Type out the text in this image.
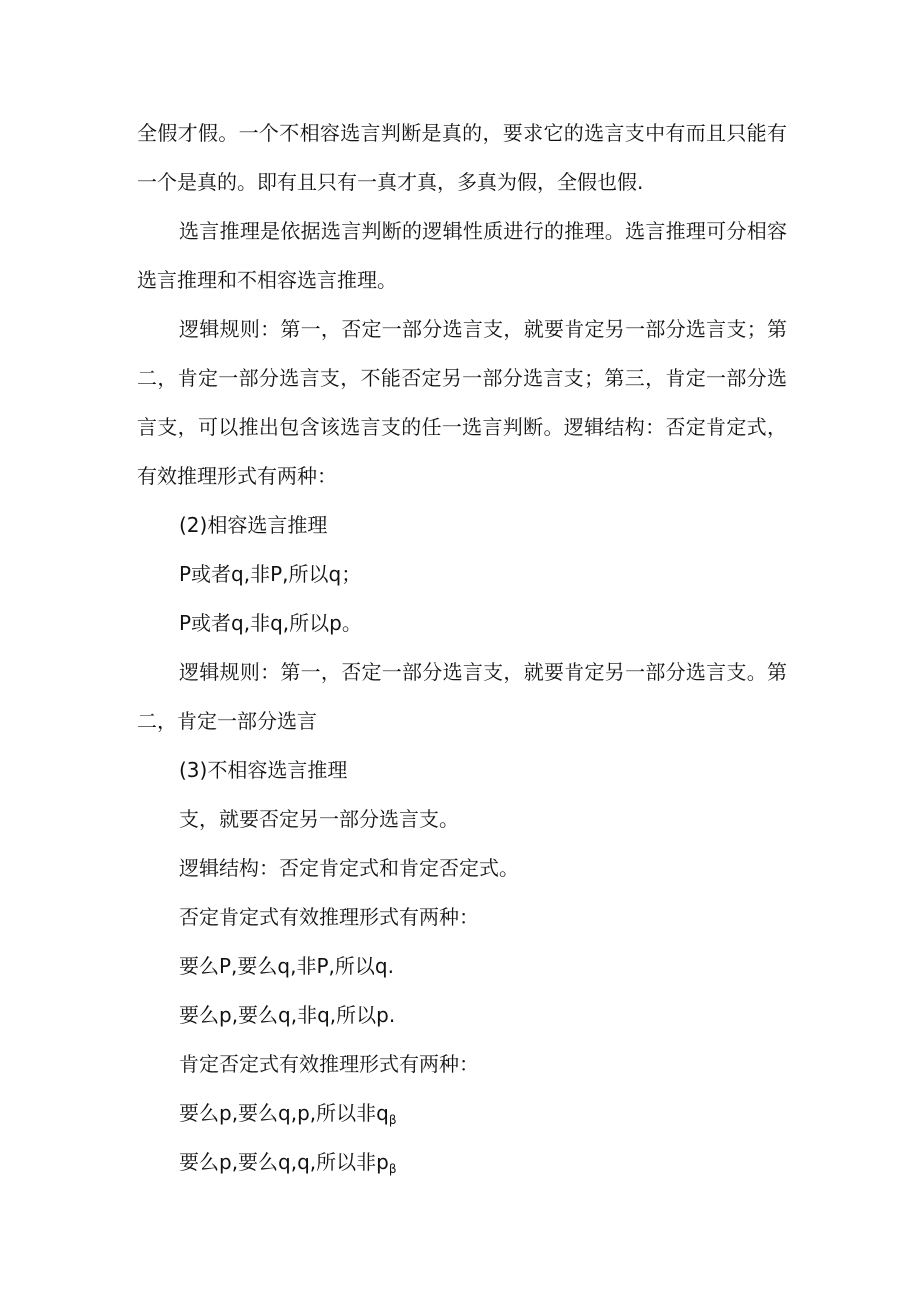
全假才假。一个不相容选言判断是真的，要求它的选言支中有而且只能有
一个是真的。即有且只有一真才真，多真为假，全假也假.
选言推理是依据选言判断的逻辑性质进行的推理。选言推理可分相容
选言推理和不相容选言推理。
逻辑规则：第一，否定一部分选言支，就要肯定另一部分选言支；第
二，肯定一部分选言支，不能否定另一部分选言支；第三，肯定一部分选
言支，可以推出包含该选言支的任一选言判断。逻辑结构：否定肯定式，
有效推理形式有两种：
(2)相容选言推理
P或者q,非P,所以q；
P或者q,非q,所以p。
逻辑规则：第一，否定一部分选言支，就要肯定另一部分选言支。第
二，肯定一部分选言
(3)不相容选言推理
支，就要否定另一部分选言支。
逻辑结构：否定肯定式和肯定否定式。
否定肯定式有效推理形式有两种：
要么P,要么q,非P,所以q.
要么p,要么q,非q,所以p.
肯定否定式有效推理形式有两种：
要么p,要么q,p,所以非$q_\beta$
要么p,要么q,q,所以非$p_\beta$
